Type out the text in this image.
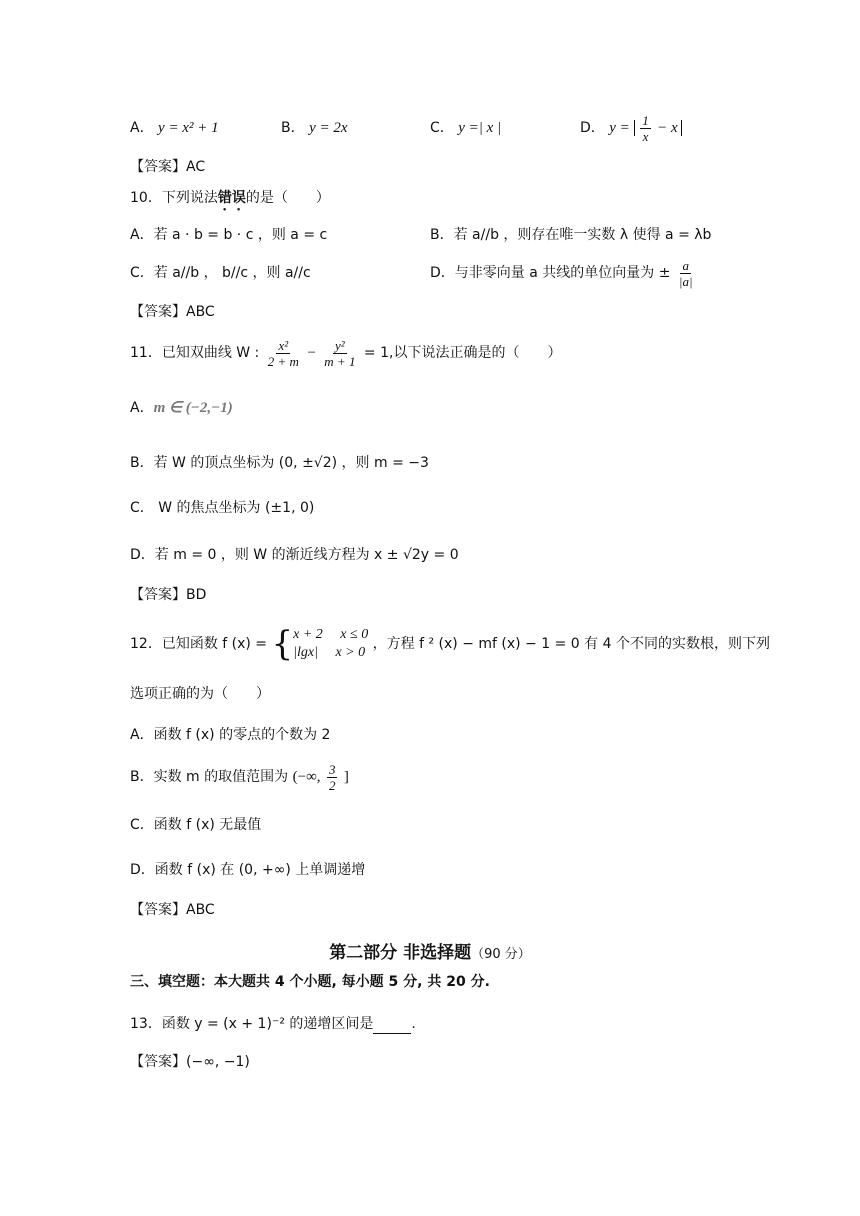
A． y = x² + 1	B． y = 2x	C． y =| x |	D． $y = \frac{1}{x} - x$
【答案】AC
10．下列说法错误的是（　　）
A．若 a · b = b · c ，则 a = c	B．若 a//b ，则存在唯一实数 λ 使得 a = λb
C．若 a//b ， b//c ，则 a//c	D．与非零向量 a 共线的单位向量为 ± $\frac{a}{|a|}$
【答案】ABC
11．已知双曲线 W : $\frac{\text{x²}}{2 + m} - \frac{\text{y²}}{m + 1} = 1$,以下说法正确是的（　　）
A．m ∈ (−2,−1)
B．若 W 的顶点坐标为 (0, ±√2) ，则 m = −3
C． W 的焦点坐标为 (±1, 0)
D．若 m = 0 ，则 W 的渐近线方程为 x ± √2y = 0
【答案】BD
12．已知函数 f (x) = { x + 2　 x ≤ 0
|lgx|　 x > 0
，方程 f ² (x) − mf (x) − 1 = 0 有 4 个不同的实数根，则下列
选项正确的为（　　）
A．函数 f (x) 的零点的个数为 2
B．实数 m 的取值范围为 (−∞, $\frac{3}{2}$ ]
C．函数 f (x) 无最值
D．函数 f (x) 在 (0, +∞) 上单调递增
【答案】ABC
第二部分 非选择题（90 分）
三、填空题：本大题共 4 个小题, 每小题 5 分, 共 20 分.
13．函数 y = (x + 1)⁻² 的递增区间是	.
【答案】(−∞, −1)
